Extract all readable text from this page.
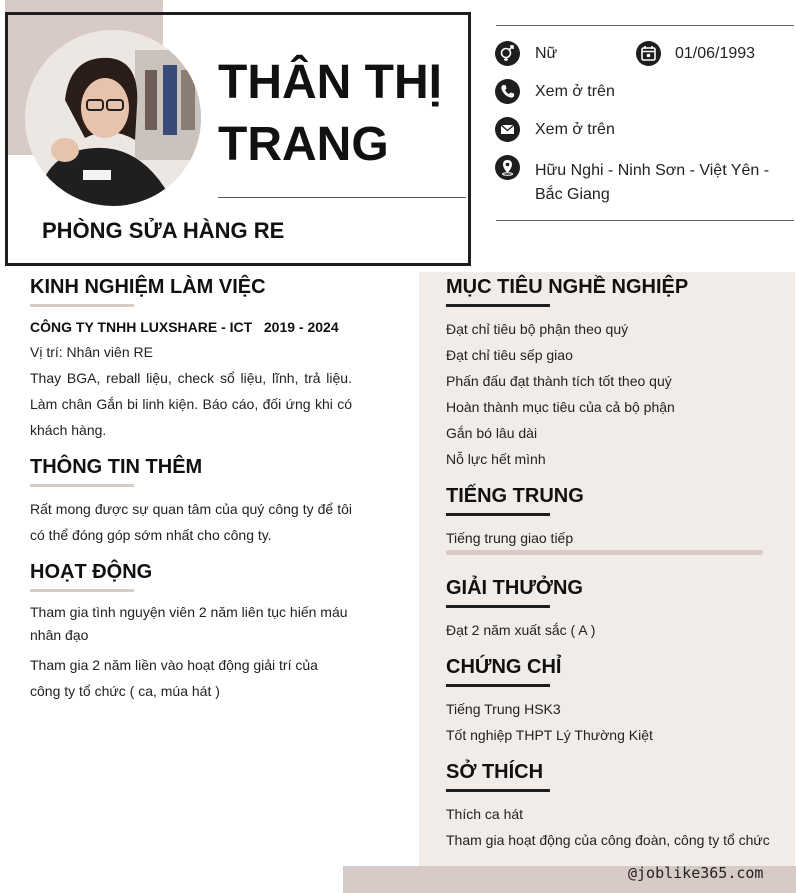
THÂN THỊ TRANG
PHÒNG SỬA HÀNG RE
Nữ	01/06/1993
Xem ở trên
Xem ở trên
Hữu Nghi - Ninh Sơn - Việt Yên - Bắc Giang
KINH NGHIỆM LÀM VIỆC
CÔNG TY TNHH LUXSHARE - ICT 2019 - 2024
Vị trí: Nhân viên RE
Thay BGA, reball liệu, check sổ liệu, lĩnh, trả liệu. Làm chân Gắn bi linh kiện. Báo cáo, đối ứng khi có khách hàng.
THÔNG TIN THÊM
Rất mong được sự quan tâm của quý công ty để tôi có thể đóng góp sớm nhất cho công ty.
HOẠT ĐỘNG
Tham gia tình nguyện viên 2 năm liên tục hiến máu nhân đạo
Tham gia 2 năm liền vào hoạt động giải trí của công ty tổ chức ( ca, múa hát )
MỤC TIÊU NGHỀ NGHIỆP
Đạt chỉ tiêu bộ phận theo quý
Đạt chỉ tiêu sếp giao
Phấn đấu đạt thành tích tốt theo quý
Hoàn thành mục tiêu của cả bộ phận
Gắn bó lâu dài
Nỗ lực hết mình
TIẾNG TRUNG
Tiếng trung giao tiếp
GIẢI THƯỞNG
Đạt 2 năm xuất sắc ( A )
CHỨNG CHỈ
Tiếng Trung HSK3
Tốt nghiệp THPT Lý Thường Kiệt
SỞ THÍCH
Thích ca hát
Tham gia hoạt động của công đoàn, công ty tổ chức
@joblike365.com
